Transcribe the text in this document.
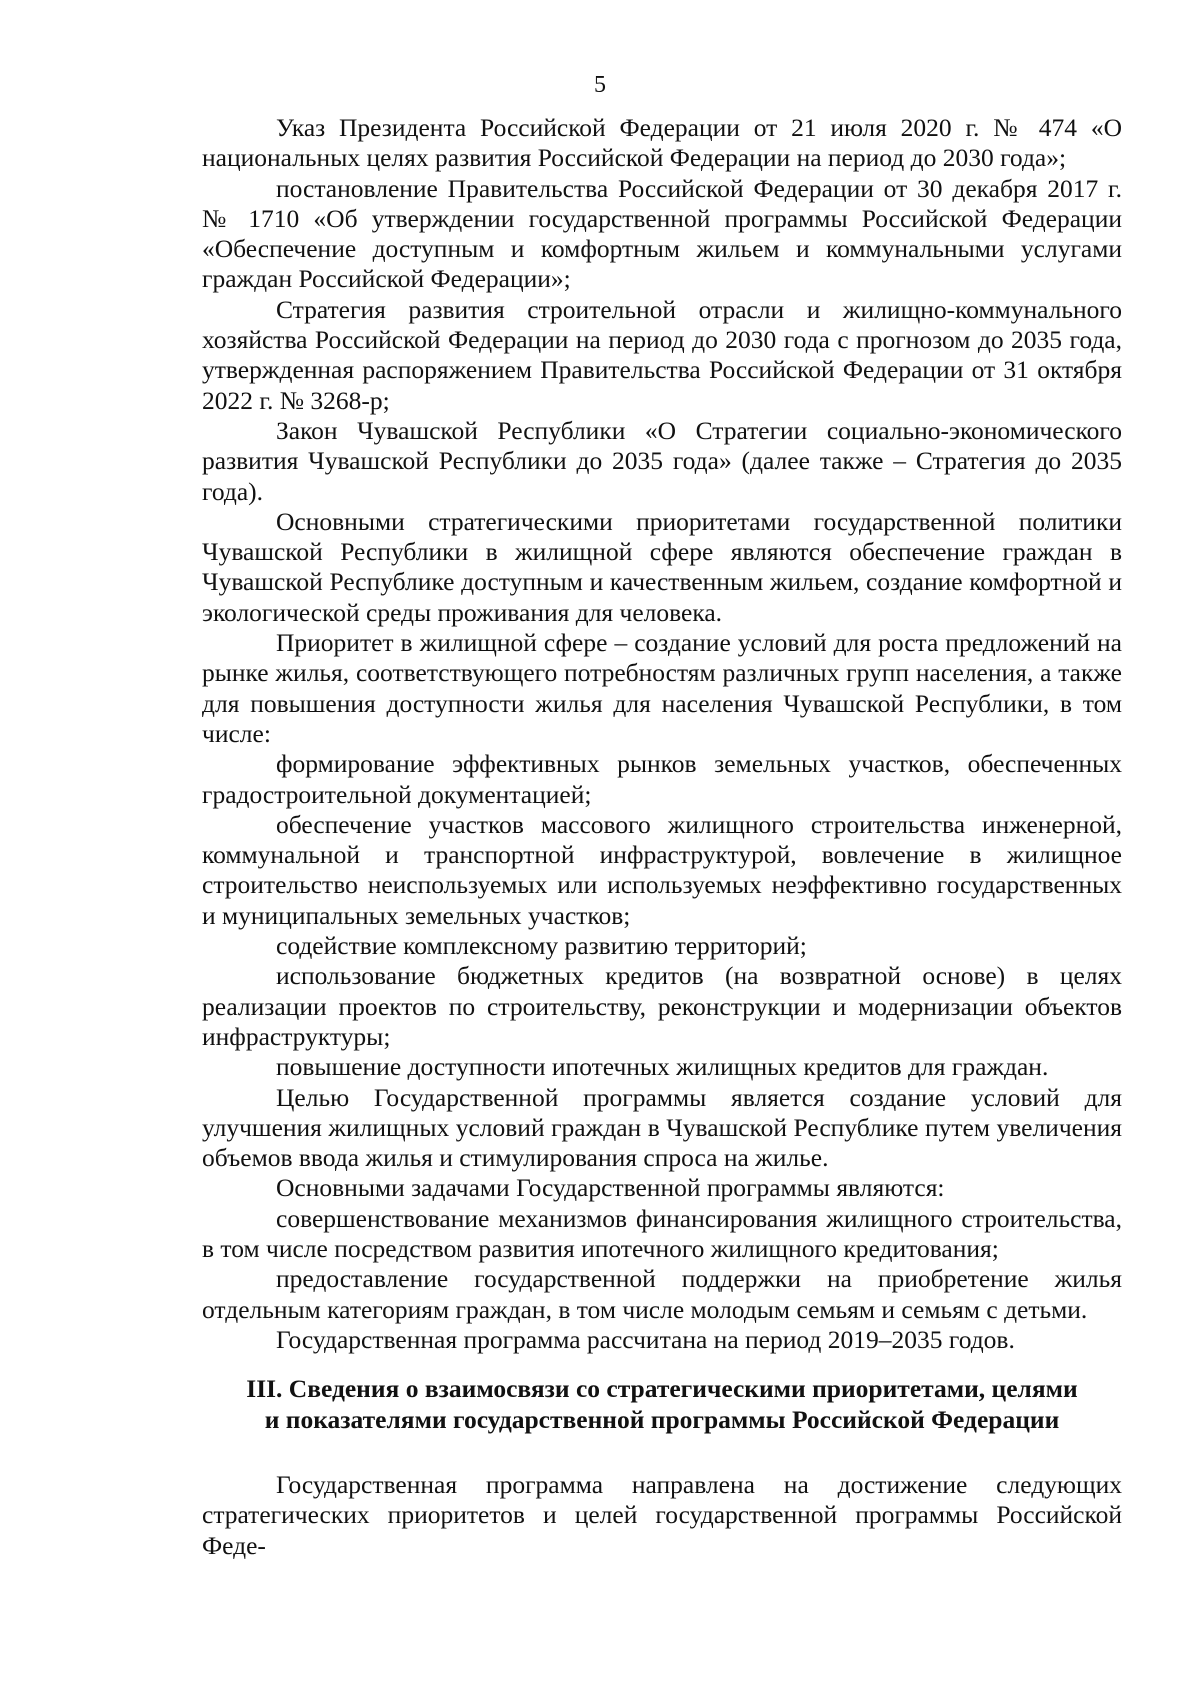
5

Указ Президента Российской Федерации от 21 июля 2020 г. № 474 «О национальных целях развития Российской Федерации на период до 2030 года»;

постановление Правительства Российской Федерации от 30 декабря 2017 г. № 1710 «Об утверждении государственной программы Российской Федерации «Обеспечение доступным и комфортным жильем и коммунальными услугами граждан Российской Федерации»;

Стратегия развития строительной отрасли и жилищно-коммунального хозяйства Российской Федерации на период до 2030 года с прогнозом до 2035 года, утвержденная распоряжением Правительства Российской Федерации от 31 октября 2022 г. № 3268-р;

Закон Чувашской Республики «О Стратегии социально-экономического развития Чувашской Республики до 2035 года» (далее также – Стратегия до 2035 года).

Основными стратегическими приоритетами государственной политики Чувашской Республики в жилищной сфере являются обеспечение граждан в Чувашской Республике доступным и качественным жильем, создание комфортной и экологической среды проживания для человека.

Приоритет в жилищной сфере – создание условий для роста предложений на рынке жилья, соответствующего потребностям различных групп населения, а также для повышения доступности жилья для населения Чувашской Республики, в том числе:

формирование эффективных рынков земельных участков, обеспеченных градостроительной документацией;

обеспечение участков массового жилищного строительства инженерной, коммунальной и транспортной инфраструктурой, вовлечение в жилищное строительство неиспользуемых или используемых неэффективно государственных и муниципальных земельных участков;

содействие комплексному развитию территорий;

использование бюджетных кредитов (на возвратной основе) в целях реализации проектов по строительству, реконструкции и модернизации объектов инфраструктуры;

повышение доступности ипотечных жилищных кредитов для граждан.

Целью Государственной программы является создание условий для улучшения жилищных условий граждан в Чувашской Республике путем увеличения объемов ввода жилья и стимулирования спроса на жилье.

Основными задачами Государственной программы являются:

совершенствование механизмов финансирования жилищного строительства, в том числе посредством развития ипотечного жилищного кредитования;

предоставление государственной поддержки на приобретение жилья отдельным категориям граждан, в том числе молодым семьям и семьям с детьми.

Государственная программа рассчитана на период 2019–2035 годов.

III. Сведения о взаимосвязи со стратегическими приоритетами, целями
и показателями государственной программы Российской Федерации

Государственная программа направлена на достижение следующих стратегических приоритетов и целей государственной программы Российской Феде-
